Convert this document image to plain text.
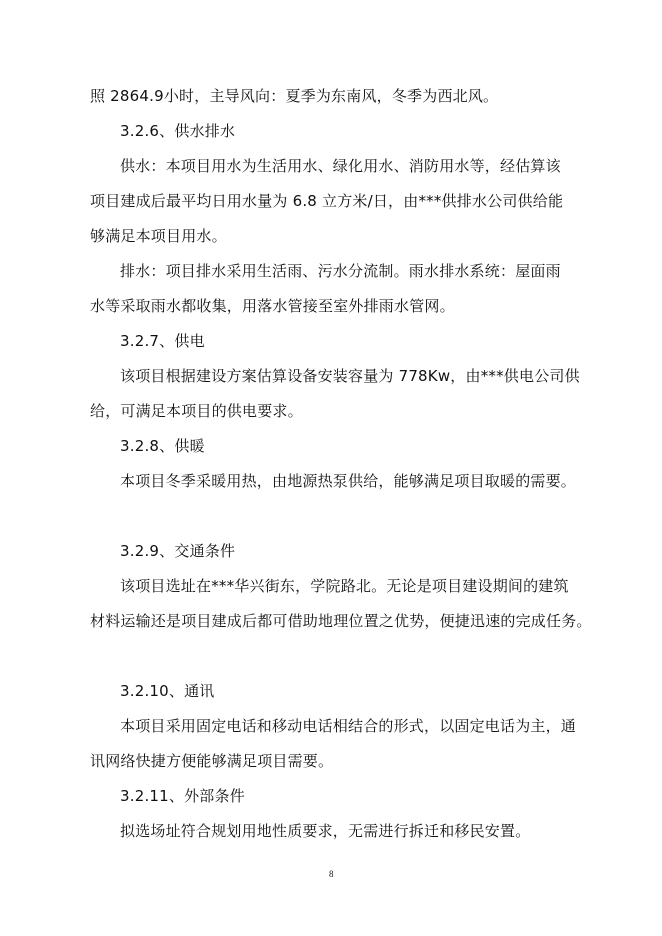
照 2864.9小时，主导风向：夏季为东南风，冬季为西北风。
3.2.6、供水排水
供水：本项目用水为生活用水、绿化用水、消防用水等，经估算该
项目建成后最平均日用水量为 6.8 立方米/日，由***供排水公司供给能
够满足本项目用水。
排水：项目排水采用生活雨、污水分流制。雨水排水系统：屋面雨
水等采取雨水都收集，用落水管接至室外排雨水管网。
3.2.7、供电
该项目根据建设方案估算设备安装容量为 778Kw，由***供电公司供
给，可满足本项目的供电要求。
3.2.8、供暖
本项目冬季采暖用热，由地源热泵供给，能够满足项目取暖的需要。
3.2.9、交通条件
该项目选址在***华兴街东，学院路北。无论是项目建设期间的建筑
材料运输还是项目建成后都可借助地理位置之优势，便捷迅速的完成任务。
3.2.10、通讯
本项目采用固定电话和移动电话相结合的形式，以固定电话为主，通
讯网络快捷方便能够满足项目需要。
3.2.11、外部条件
拟选场址符合规划用地性质要求，无需进行拆迁和移民安置。
8
